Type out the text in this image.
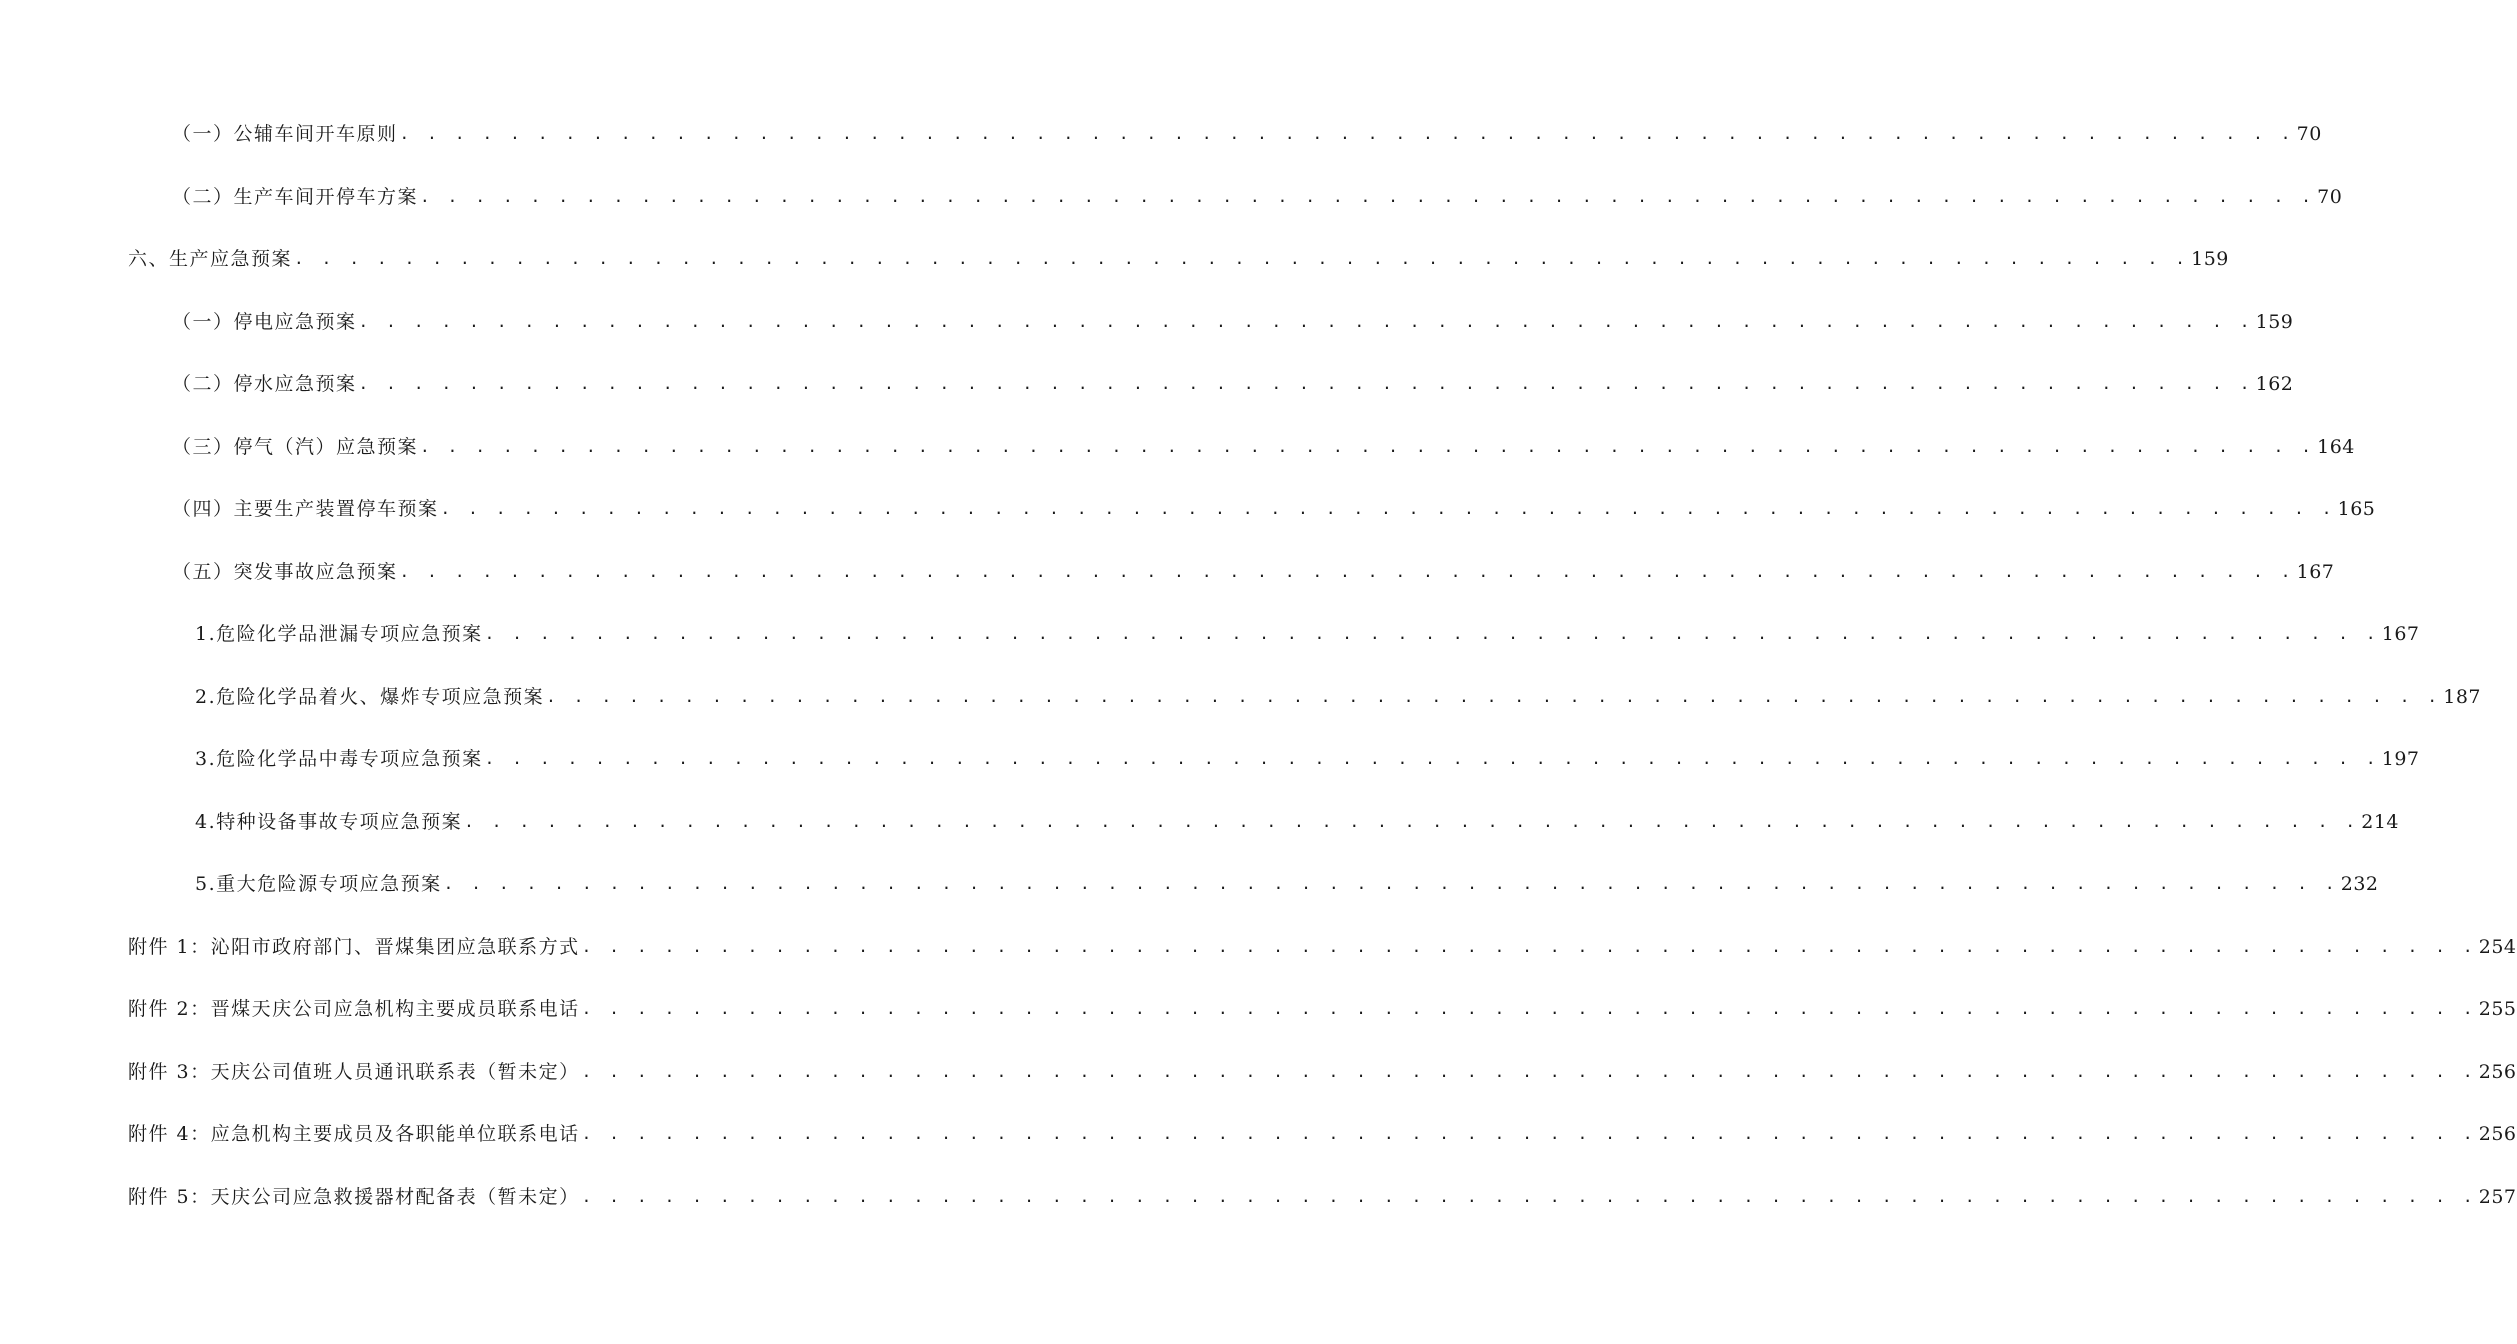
（一）公辅车间开车原则 . . . . . . . . . . . . . . . . . . . . . . . . . . . . . . . . . . . . . . . . . . . . . . . . . . . . . . . . . . . . . . . . . . . . . 70
（二）生产车间开停车方案 . . . . . . . . . . . . . . . . . . . . . . . . . . . . . . . . . . . . . . . . . . . . . . . . . . . . . . . . . . . . . . . . . . . . . 70
六、生产应急预案 . . . . . . . . . . . . . . . . . . . . . . . . . . . . . . . . . . . . . . . . . . . . . . . . . . . . . . . . . . . . . . . . . . . . . 159
（一）停电应急预案 . . . . . . . . . . . . . . . . . . . . . . . . . . . . . . . . . . . . . . . . . . . . . . . . . . . . . . . . . . . . . . . . . . . . . 159
（二）停水应急预案 . . . . . . . . . . . . . . . . . . . . . . . . . . . . . . . . . . . . . . . . . . . . . . . . . . . . . . . . . . . . . . . . . . . . . 162
（三）停气（汽）应急预案 . . . . . . . . . . . . . . . . . . . . . . . . . . . . . . . . . . . . . . . . . . . . . . . . . . . . . . . . . . . . . . . . . . . . . 164
（四）主要生产装置停车预案 . . . . . . . . . . . . . . . . . . . . . . . . . . . . . . . . . . . . . . . . . . . . . . . . . . . . . . . . . . . . . . . . . . . . . 165
（五）突发事故应急预案 . . . . . . . . . . . . . . . . . . . . . . . . . . . . . . . . . . . . . . . . . . . . . . . . . . . . . . . . . . . . . . . . . . . . . 167
1.危险化学品泄漏专项应急预案 . . . . . . . . . . . . . . . . . . . . . . . . . . . . . . . . . . . . . . . . . . . . . . . . . . . . . . . . . . . . . . . . . . . . . 167
2.危险化学品着火、爆炸专项应急预案 . . . . . . . . . . . . . . . . . . . . . . . . . . . . . . . . . . . . . . . . . . . . . . . . . . . . . . . . . . . . . . . . . . . . . 187
3.危险化学品中毒专项应急预案 . . . . . . . . . . . . . . . . . . . . . . . . . . . . . . . . . . . . . . . . . . . . . . . . . . . . . . . . . . . . . . . . . . . . . 197
4.特种设备事故专项应急预案 . . . . . . . . . . . . . . . . . . . . . . . . . . . . . . . . . . . . . . . . . . . . . . . . . . . . . . . . . . . . . . . . . . . . . 214
5.重大危险源专项应急预案 . . . . . . . . . . . . . . . . . . . . . . . . . . . . . . . . . . . . . . . . . . . . . . . . . . . . . . . . . . . . . . . . . . . . . 232
附件 1：沁阳市政府部门、晋煤集团应急联系方式 . . . . . . . . . . . . . . . . . . . . . . . . . . . . . . . . . . . . . . . . . . . . . . . . . . . . . . . . . . . . . . . . . . . . . 254
附件 2：晋煤天庆公司应急机构主要成员联系电话 . . . . . . . . . . . . . . . . . . . . . . . . . . . . . . . . . . . . . . . . . . . . . . . . . . . . . . . . . . . . . . . . . . . . . 255
附件 3：天庆公司值班人员通讯联系表（暂未定） . . . . . . . . . . . . . . . . . . . . . . . . . . . . . . . . . . . . . . . . . . . . . . . . . . . . . . . . . . . . . . . . . . . . . 256
附件 4：应急机构主要成员及各职能单位联系电话 . . . . . . . . . . . . . . . . . . . . . . . . . . . . . . . . . . . . . . . . . . . . . . . . . . . . . . . . . . . . . . . . . . . . . 256
附件 5：天庆公司应急救援器材配备表（暂未定） . . . . . . . . . . . . . . . . . . . . . . . . . . . . . . . . . . . . . . . . . . . . . . . . . . . . . . . . . . . . . . . . . . . . . 257
